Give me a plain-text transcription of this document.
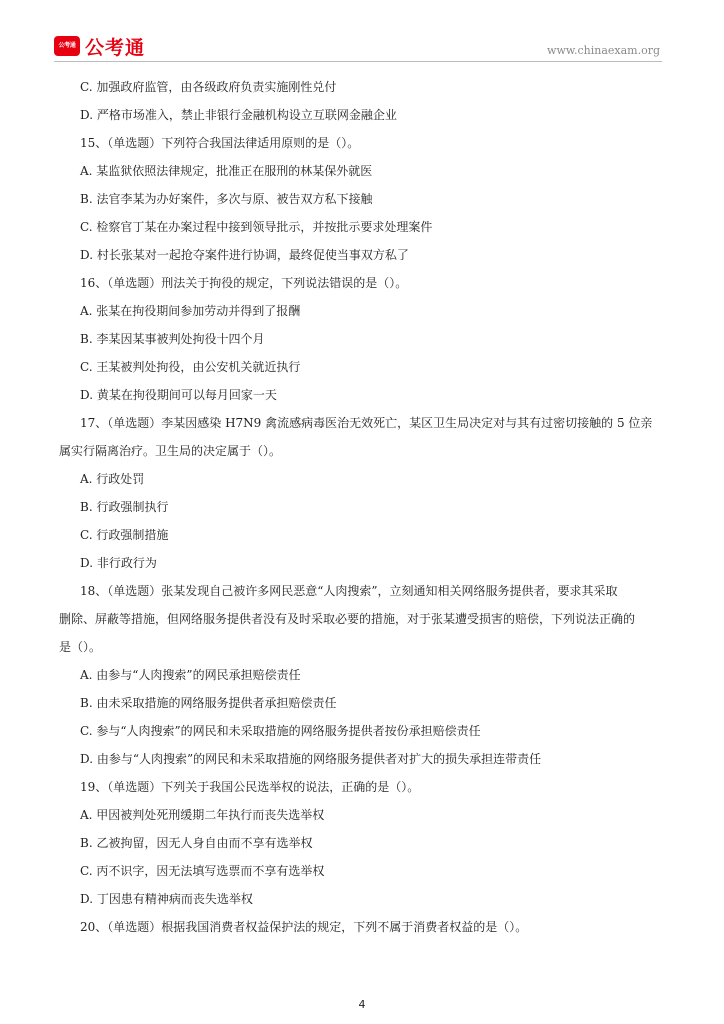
公考通 公考通	www.chinaexam.org
C. 加强政府监管，由各级政府负责实施刚性兑付
D. 严格市场准入，禁止非银行金融机构设立互联网金融企业
15、（单选题）下列符合我国法律适用原则的是（）。
A. 某监狱依照法律规定，批准正在服刑的林某保外就医
B. 法官李某为办好案件，多次与原、被告双方私下接触
C. 检察官丁某在办案过程中接到领导批示，并按批示要求处理案件
D. 村长张某对一起抢夺案件进行协调，最终促使当事双方私了
16、（单选题）刑法关于拘役的规定，下列说法错误的是（）。
A. 张某在拘役期间参加劳动并得到了报酬
B. 李某因某事被判处拘役十四个月
C. 王某被判处拘役，由公安机关就近执行
D. 黄某在拘役期间可以每月回家一天
17、（单选题）李某因感染 H7N9 禽流感病毒医治无效死亡，某区卫生局决定对与其有过密切接触的 5 位亲
属实行隔离治疗。卫生局的决定属于（）。
A. 行政处罚
B. 行政强制执行
C. 行政强制措施
D. 非行政行为
18、（单选题）张某发现自己被许多网民恶意“人肉搜索”，立刻通知相关网络服务提供者，要求其采取
删除、屏蔽等措施，但网络服务提供者没有及时采取必要的措施，对于张某遭受损害的赔偿，下列说法正确的
是（）。
A. 由参与“人肉搜索”的网民承担赔偿责任
B. 由未采取措施的网络服务提供者承担赔偿责任
C. 参与“人肉搜索”的网民和未采取措施的网络服务提供者按份承担赔偿责任
D. 由参与“人肉搜索”的网民和未采取措施的网络服务提供者对扩大的损失承担连带责任
19、（单选题）下列关于我国公民选举权的说法，正确的是（）。
A. 甲因被判处死刑缓期二年执行而丧失选举权
B. 乙被拘留，因无人身自由而不享有选举权
C. 丙不识字，因无法填写选票而不享有选举权
D. 丁因患有精神病而丧失选举权
20、（单选题）根据我国消费者权益保护法的规定，下列不属于消费者权益的是（）。
4
